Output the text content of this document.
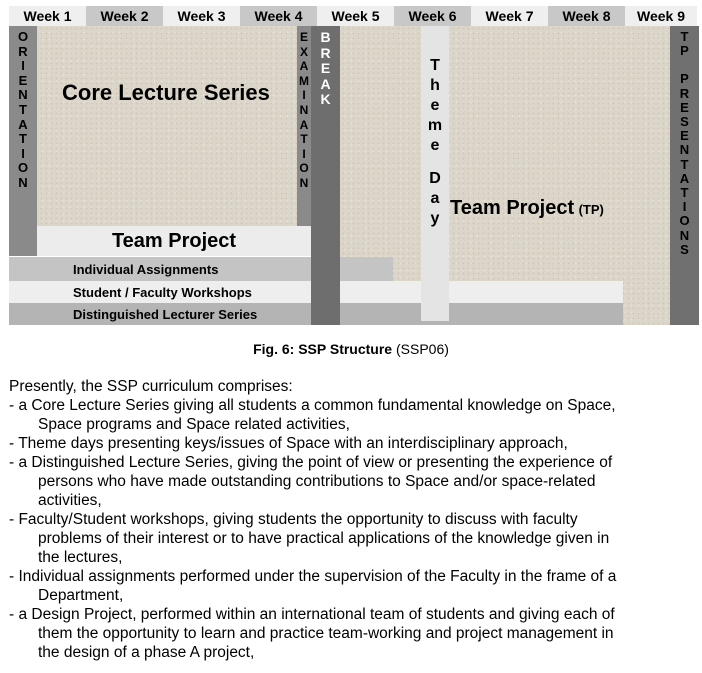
Week 1	Week 2	Week 3	Week 4	Week 5	Week 6	Week 7	Week 8	Week 9
Core Lecture Series
O
R
I
E
N
T
A
T
I
O
N
E
X
A
M
I
N
A
T
I
O
N
Team Project
Individual Assignments
Student / Faculty Workshops
Distinguished Lecturer Series
B
R
E
A
K
T
h
e
m
e
D
a
y Team Project (TP)
T
P
P
R
E
S
E
N
T
A
T
I
O
N
S
Fig. 6: SSP Structure (SSP06)

Presently, the SSP curriculum comprises:

- a Core Lecture Series giving all students a common fundamental knowledge on Space,

Space programs and Space related activities,

- Theme days presenting keys/issues of Space with an interdisciplinary approach,

- a Distinguished Lecture Series, giving the point of view or presenting the experience of

persons who have made outstanding contributions to Space and/or space-related

activities,

- Faculty/Student workshops, giving students the opportunity to discuss with faculty

problems of their interest or to have practical applications of the knowledge given in

the lectures,

- Individual assignments performed under the supervision of the Faculty in the frame of a

Department,

- a Design Project, performed within an international team of students and giving each of

them the opportunity to learn and practice team-working and project management in

the design of a phase A project,
